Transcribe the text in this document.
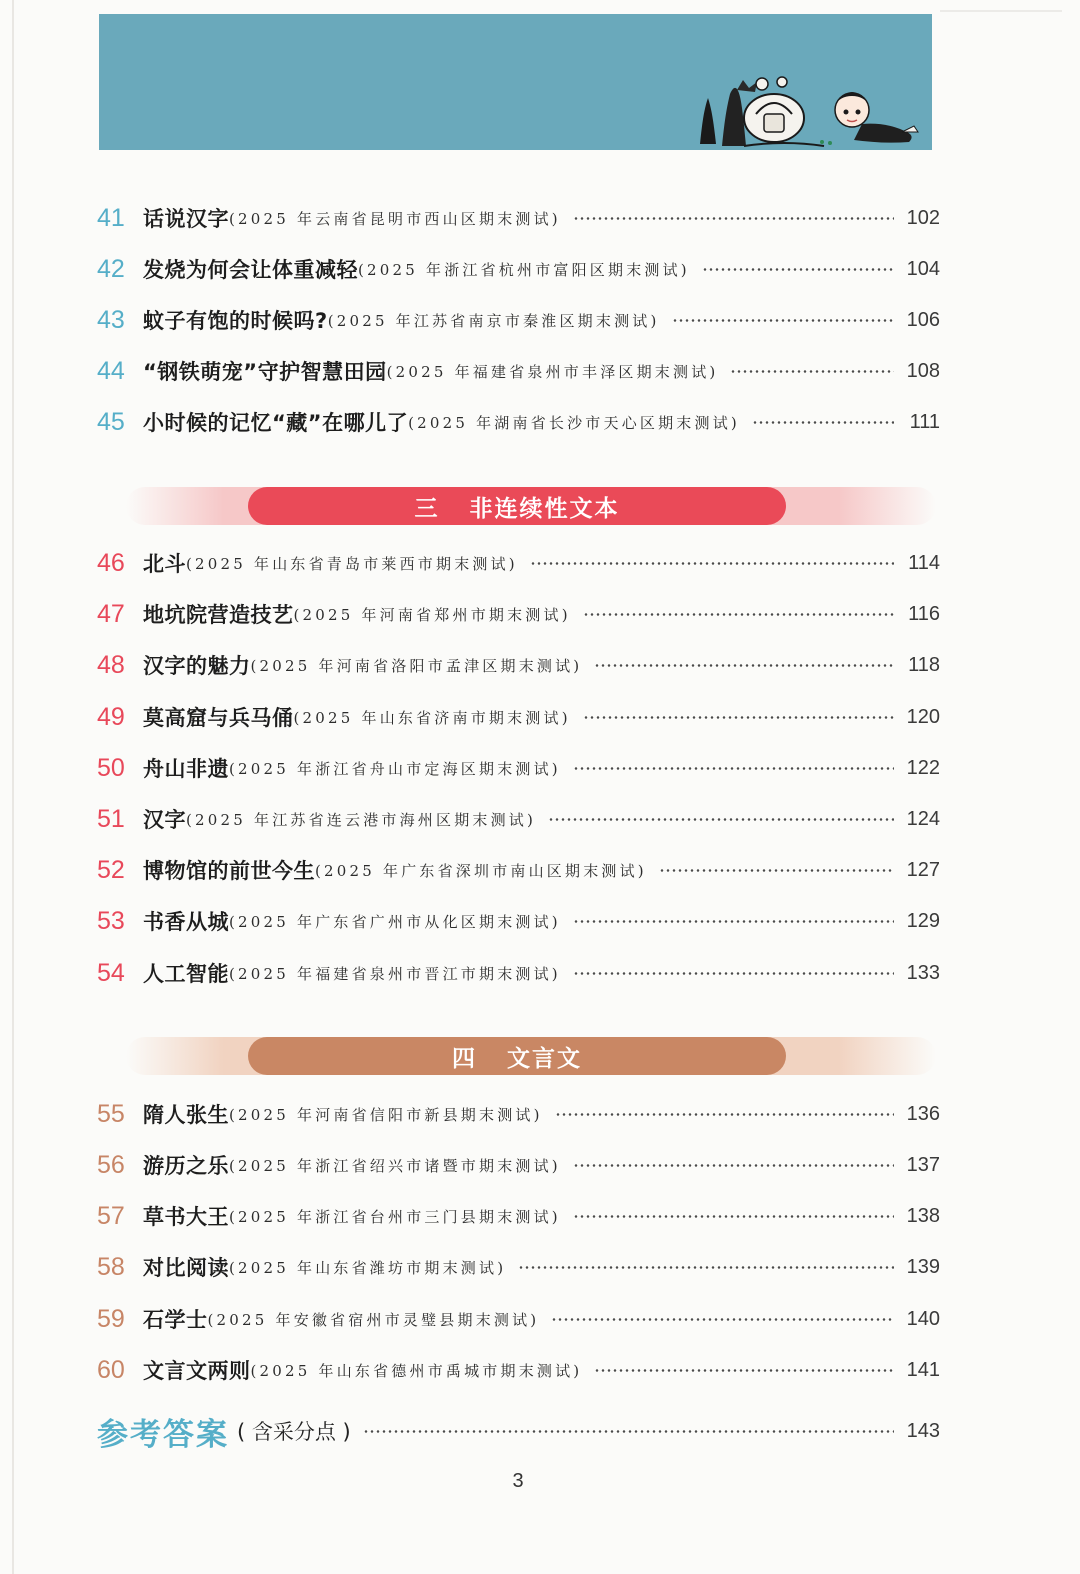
41 话说汉字 (2025 年云南省昆明市西山区期末测试)	102
42 发烧为何会让体重减轻 (2025 年浙江省杭州市富阳区期末测试)	104
43 蚊子有饱的时候吗? (2025 年江苏省南京市秦淮区期末测试)	106
44 “钢铁萌宠”守护智慧田园 (2025 年福建省泉州市丰泽区期末测试)	108
45 小时候的记忆“藏”在哪儿了 (2025 年湖南省长沙市天心区期末测试)	111
三   非连续性文本
46 北斗 (2025 年山东省青岛市莱西市期末测试)	114
47 地坑院营造技艺 (2025 年河南省郑州市期末测试)	116
48 汉字的魅力 (2025 年河南省洛阳市孟津区期末测试)	118
49 莫高窟与兵马俑 (2025 年山东省济南市期末测试)	120
50 舟山非遗 (2025 年浙江省舟山市定海区期末测试)	122
51 汉字 (2025 年江苏省连云港市海州区期末测试)	124
52 博物馆的前世今生 (2025 年广东省深圳市南山区期末测试)	127
53 书香从城 (2025 年广东省广州市从化区期末测试)	129
54 人工智能 (2025 年福建省泉州市晋江市期末测试)	133
四   文言文
55 隋人张生 (2025 年河南省信阳市新县期末测试)	136
56 游历之乐 (2025 年浙江省绍兴市诸暨市期末测试)	137
57 草书大王 (2025 年浙江省台州市三门县期末测试)	138
58 对比阅读 (2025 年山东省潍坊市期末测试)	139
59 石学士 (2025 年安徽省宿州市灵璧县期末测试)	140
60 文言文两则 (2025 年山东省德州市禹城市期末测试)	141
参考答案 ( 含采分点 )	143
3
